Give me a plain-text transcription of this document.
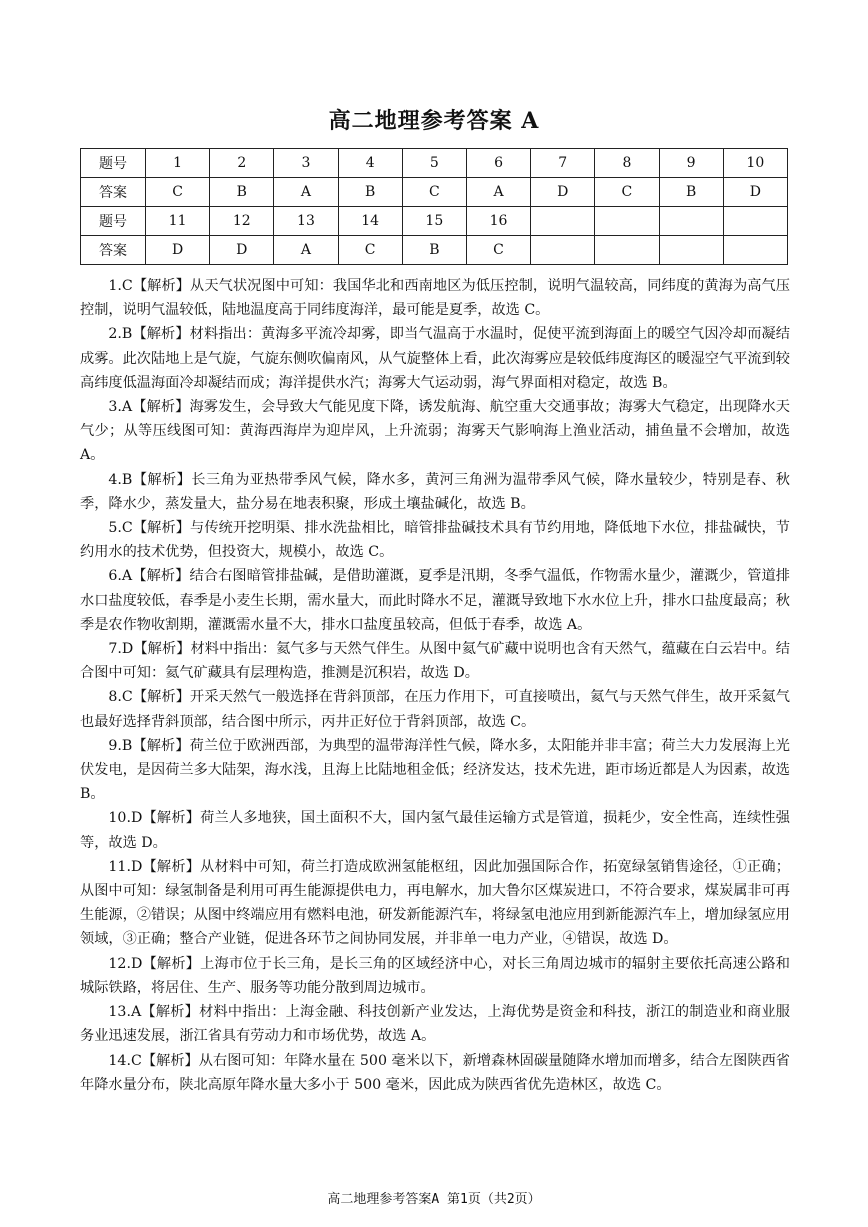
高二地理参考答案 A
题号	1	2	3	4	5	6	7	8	9	10
答案	C	B	A	B	C	A	D	C	B	D
题号	11	12	13	14	15	16				
答案	D	D	A	C	B	C				

1.C【解析】从天气状况图中可知：我国华北和西南地区为低压控制，说明气温较高，同纬度的黄海为高气压控制，说明气温较低，陆地温度高于同纬度海洋，最可能是夏季，故选 C。

2.B【解析】材料指出：黄海多平流冷却雾，即当气温高于水温时，促使平流到海面上的暖空气因冷却而凝结成雾。此次陆地上是气旋，气旋东侧吹偏南风，从气旋整体上看，此次海雾应是较低纬度海区的暖湿空气平流到较高纬度低温海面冷却凝结而成；海洋提供水汽；海雾大气运动弱，海气界面相对稳定，故选 B。

3.A【解析】海雾发生，会导致大气能见度下降，诱发航海、航空重大交通事故；海雾大气稳定，出现降水天气少；从等压线图可知：黄海西海岸为迎岸风，上升流弱；海雾天气影响海上渔业活动，捕鱼量不会增加，故选 A。

4.B【解析】长三角为亚热带季风气候，降水多，黄河三角洲为温带季风气候，降水量较少，特别是春、秋季，降水少，蒸发量大，盐分易在地表积聚，形成土壤盐碱化，故选 B。

5.C【解析】与传统开挖明渠、排水洗盐相比，暗管排盐碱技术具有节约用地，降低地下水位，排盐碱快，节约用水的技术优势，但投资大，规模小，故选 C。

6.A【解析】结合右图暗管排盐碱，是借助灌溉，夏季是汛期，冬季气温低，作物需水量少，灌溉少，管道排水口盐度较低，春季是小麦生长期，需水量大，而此时降水不足，灌溉导致地下水水位上升，排水口盐度最高；秋季是农作物收割期，灌溉需水量不大，排水口盐度虽较高，但低于春季，故选 A。

7.D【解析】材料中指出：氦气多与天然气伴生。从图中氦气矿藏中说明也含有天然气，蕴藏在白云岩中。结合图中可知：氦气矿藏具有层理构造，推测是沉积岩，故选 D。

8.C【解析】开采天然气一般选择在背斜顶部，在压力作用下，可直接喷出，氦气与天然气伴生，故开采氦气也最好选择背斜顶部，结合图中所示，丙井正好位于背斜顶部，故选 C。

9.B【解析】荷兰位于欧洲西部，为典型的温带海洋性气候，降水多，太阳能并非丰富；荷兰大力发展海上光伏发电，是因荷兰多大陆架，海水浅，且海上比陆地租金低；经济发达，技术先进，距市场近都是人为因素，故选 B。

10.D【解析】荷兰人多地狭，国土面积不大，国内氢气最佳运输方式是管道，损耗少，安全性高，连续性强等，故选 D。

11.D【解析】从材料中可知，荷兰打造成欧洲氢能枢纽，因此加强国际合作，拓宽绿氢销售途径，①正确；从图中可知：绿氢制备是利用可再生能源提供电力，再电解水，加大鲁尔区煤炭进口，不符合要求，煤炭属非可再生能源，②错误；从图中终端应用有燃料电池，研发新能源汽车，将绿氢电池应用到新能源汽车上，增加绿氢应用领域，③正确；整合产业链，促进各环节之间协同发展，并非单一电力产业，④错误，故选 D。

12.D【解析】上海市位于长三角，是长三角的区域经济中心，对长三角周边城市的辐射主要依托高速公路和城际铁路，将居住、生产、服务等功能分散到周边城市。

13.A【解析】材料中指出：上海金融、科技创新产业发达，上海优势是资金和科技，浙江的制造业和商业服务业迅速发展，浙江省具有劳动力和市场优势，故选 A。

14.C【解析】从右图可知：年降水量在 500 毫米以下，新增森林固碳量随降水增加而增多，结合左图陕西省年降水量分布，陕北高原年降水量大多小于 500 毫米，因此成为陕西省优先造林区，故选 C。

高二地理参考答案A 第1页（共2页）
